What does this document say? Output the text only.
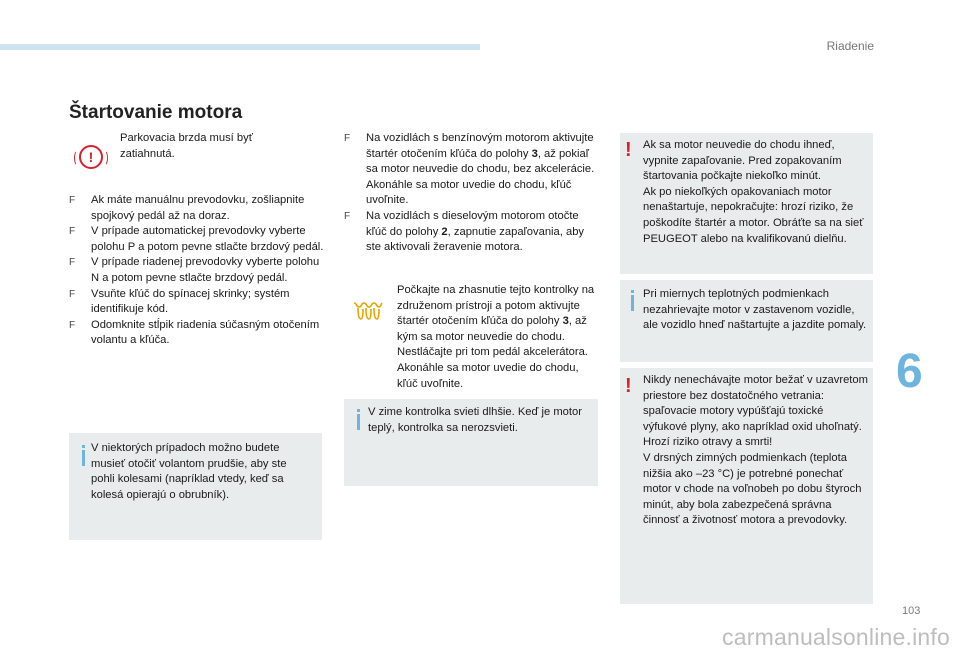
Riadenie
Štartovanie motora
!
Parkovacia brzda musí byť zatiahnutá.
F Ak máte manuálnu prevodovku, zošliapnite spojkový pedál až na doraz.
F V prípade automatickej prevodovky vyberte polohu P a potom pevne stlačte brzdový pedál.
F V prípade riadenej prevodovky vyberte polohu N a potom pevne stlačte brzdový pedál.
F Vsuňte kľúč do spínacej skrinky; systém identifikuje kód.
F Odomknite stĺpik riadenia súčasným otočením volantu a kľúča.
V niektorých prípadoch možno budete musieť otočiť volantom prudšie, aby ste pohli kolesami (napríklad vtedy, keď sa kolesá opierajú o obrubník).
F Na vozidlách s benzínovým motorom aktivujte štartér otočením kľúča do polohy 3, až pokiaľ sa motor neuvedie do chodu, bez akcelerácie. Akonáhle sa motor uvedie do chodu, kľúč uvoľnite.
F Na vozidlách s dieselovým motorom otočte kľúč do polohy 2, zapnutie zapaľovania, aby ste aktivovali žeravenie motora.
Počkajte na zhasnutie tejto kontrolky na združenom prístroji a potom aktivujte štartér otočením kľúča do polohy 3, až kým sa motor neuvedie do chodu. Nestláčajte pri tom pedál akcelerátora. Akonáhle sa motor uvedie do chodu, kľúč uvoľnite.
V zime kontrolka svieti dlhšie. Keď je motor teplý, kontrolka sa nerozsvieti.
! Ak sa motor neuvedie do chodu ihneď, vypnite zapaľovanie. Pred zopakovaním štartovania počkajte niekoľko minút.
Ak po niekoľkých opakovaniach motor nenaštartuje, nepokračujte: hrozí riziko, že poškodíte štartér a motor. Obráťte sa na sieť PEUGEOT alebo na kvalifikovanú dielňu.
Pri miernych teplotných podmienkach nezahrievajte motor v zastavenom vozidle, ale vozidlo hneď naštartujte a jazdite pomaly.
! Nikdy nenechávajte motor bežať v uzavretom priestore bez dostatočného vetrania: spaľovacie motory vypúšťajú toxické výfukové plyny, ako napríklad oxid uhoľnatý. Hrozí riziko otravy a smrti!
V drsných zimných podmienkach (teplota nižšia ako –23 °C) je potrebné ponechať motor v chode na voľnobeh po dobu štyroch minút, aby bola zabezpečená správna činnosť a životnosť motora a prevodovky.
6
103
carmanualsonline.info
